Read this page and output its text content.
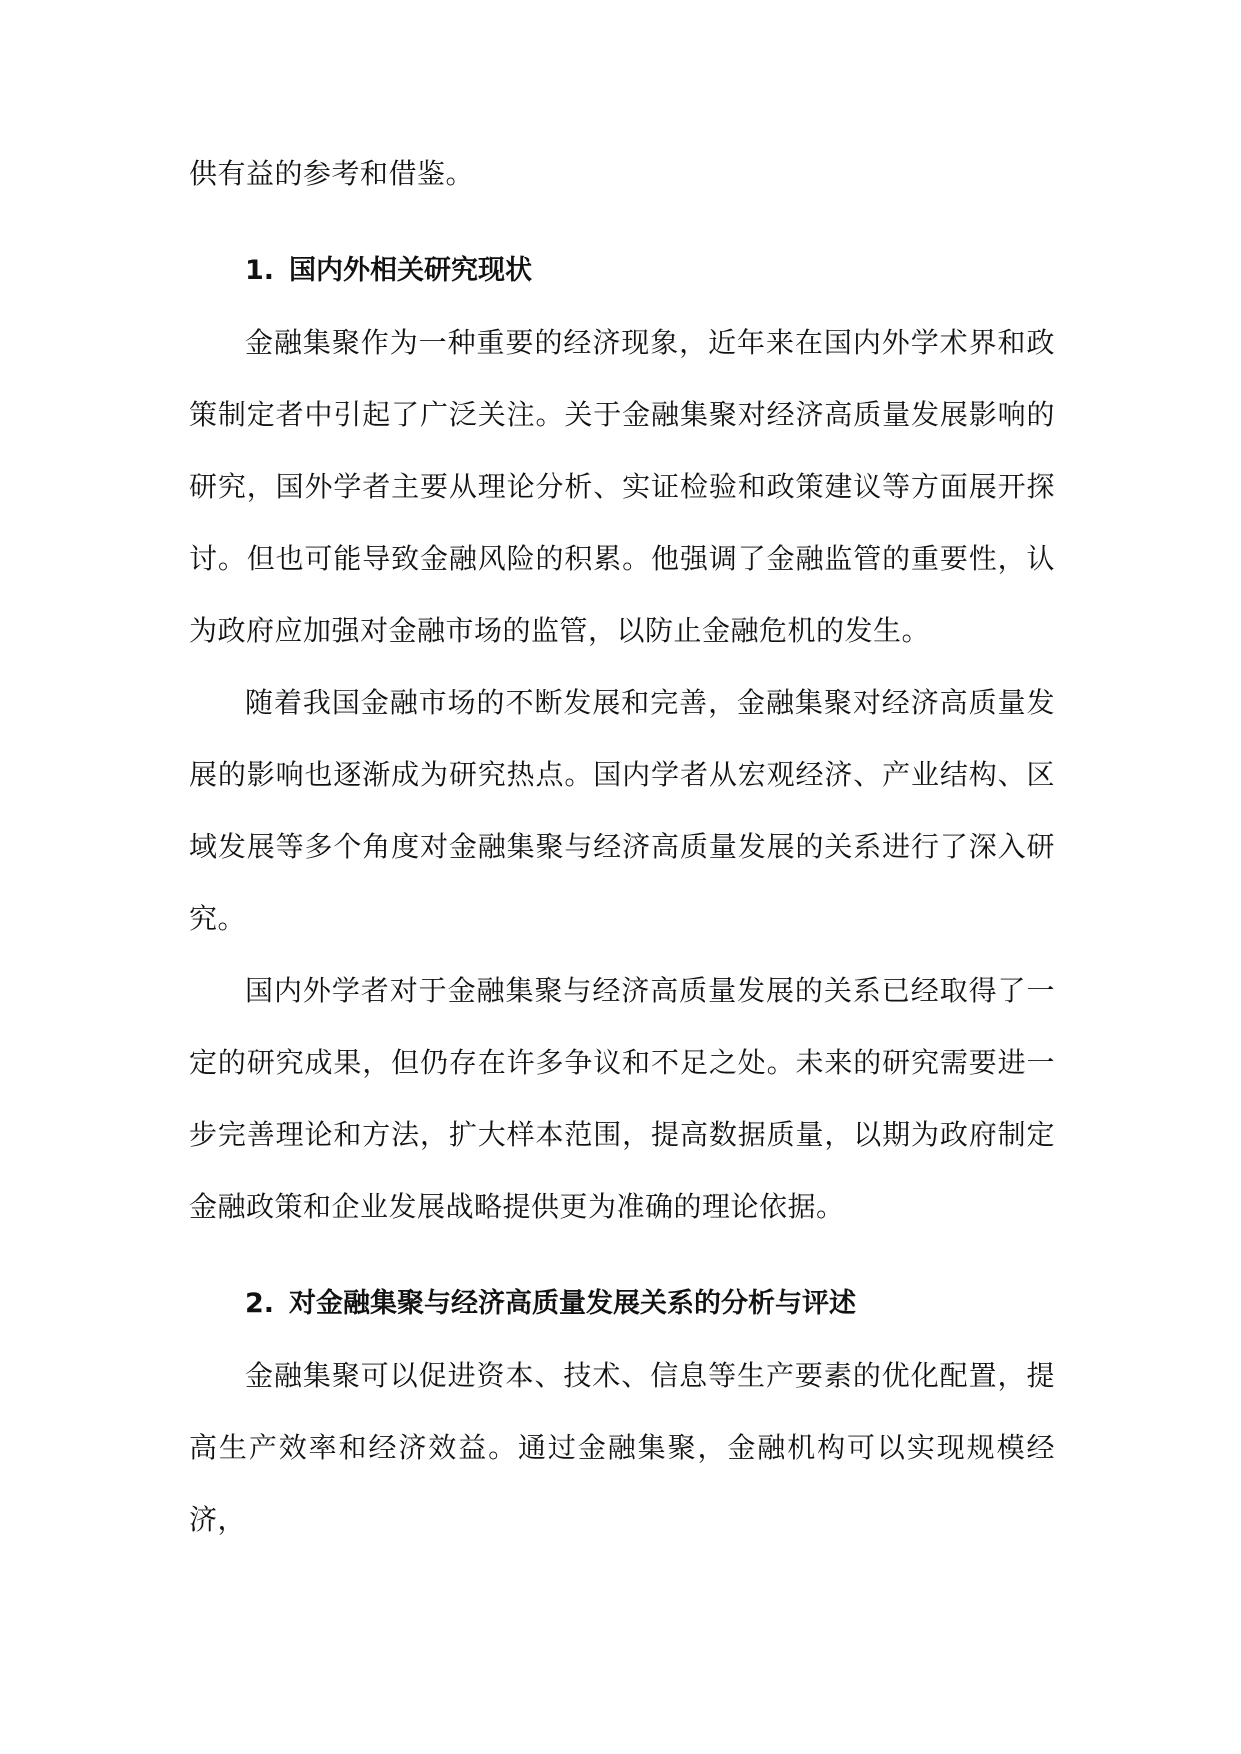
供有益的参考和借鉴。

1. 国内外相关研究现状

金融集聚作为一种重要的经济现象，近年来在国内外学术界和政策制定者中引起了广泛关注。关于金融集聚对经济高质量发展影响的研究，国外学者主要从理论分析、实证检验和政策建议等方面展开探讨。但也可能导致金融风险的积累。他强调了金融监管的重要性，认为政府应加强对金融市场的监管，以防止金融危机的发生。

随着我国金融市场的不断发展和完善，金融集聚对经济高质量发展的影响也逐渐成为研究热点。国内学者从宏观经济、产业结构、区域发展等多个角度对金融集聚与经济高质量发展的关系进行了深入研究。

国内外学者对于金融集聚与经济高质量发展的关系已经取得了一定的研究成果，但仍存在许多争议和不足之处。未来的研究需要进一步完善理论和方法，扩大样本范围，提高数据质量，以期为政府制定金融政策和企业发展战略提供更为准确的理论依据。

2. 对金融集聚与经济高质量发展关系的分析与评述

金融集聚可以促进资本、技术、信息等生产要素的优化配置，提高生产效率和经济效益。通过金融集聚，金融机构可以实现规模经济，
